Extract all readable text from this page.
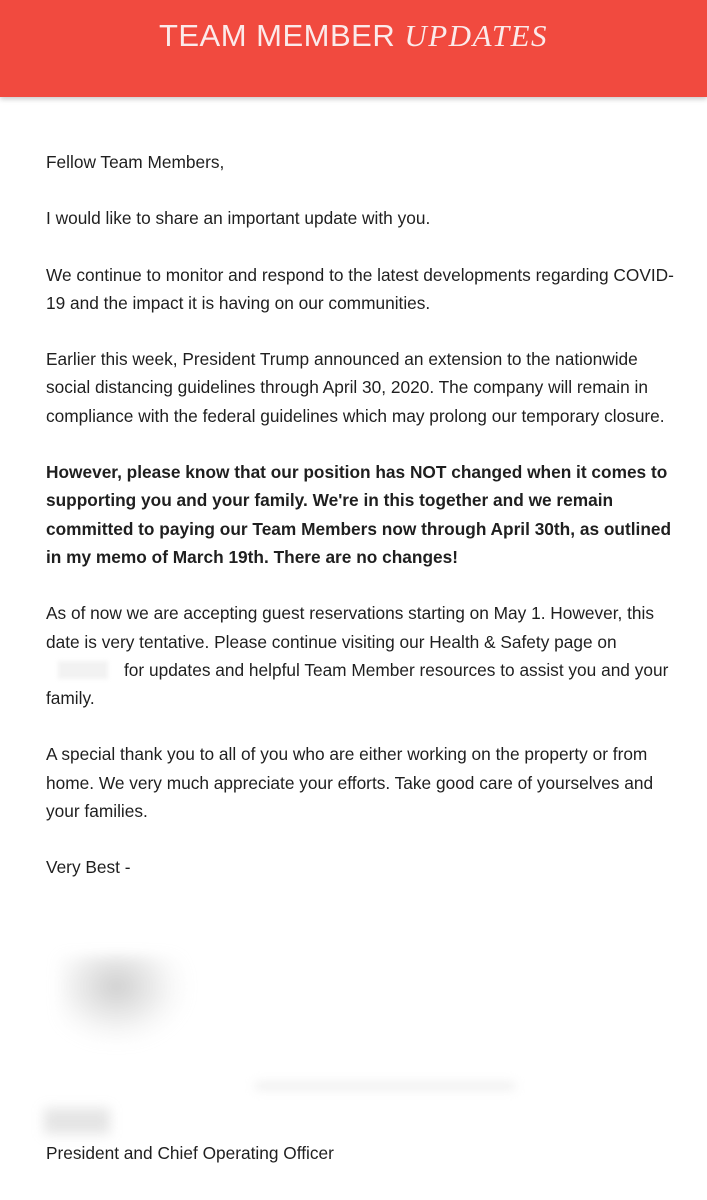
TEAM MEMBER UPDATES

Fellow Team Members,

I would like to share an important update with you.

We continue to monitor and respond to the latest developments regarding COVID-19 and the impact it is having on our communities.

Earlier this week, President Trump announced an extension to the nationwide social distancing guidelines through April 30, 2020. The company will remain in compliance with the federal guidelines which may prolong our temporary closure.

However, please know that our position has NOT changed when it comes to supporting you and your family. We're in this together and we remain committed to paying our Team Members now through April 30th, as outlined in my memo of March 19th. There are no changes!

As of now we are accepting guest reservations starting on May 1. However, this date is very tentative. Please continue visiting our Health & Safety page onfor updates and helpful Team Member resources to assist you and your family.

A special thank you to all of you who are either working on the property or from home. We very much appreciate your efforts. Take good care of yourselves and your families.

Very Best -

President and Chief Operating Officer
